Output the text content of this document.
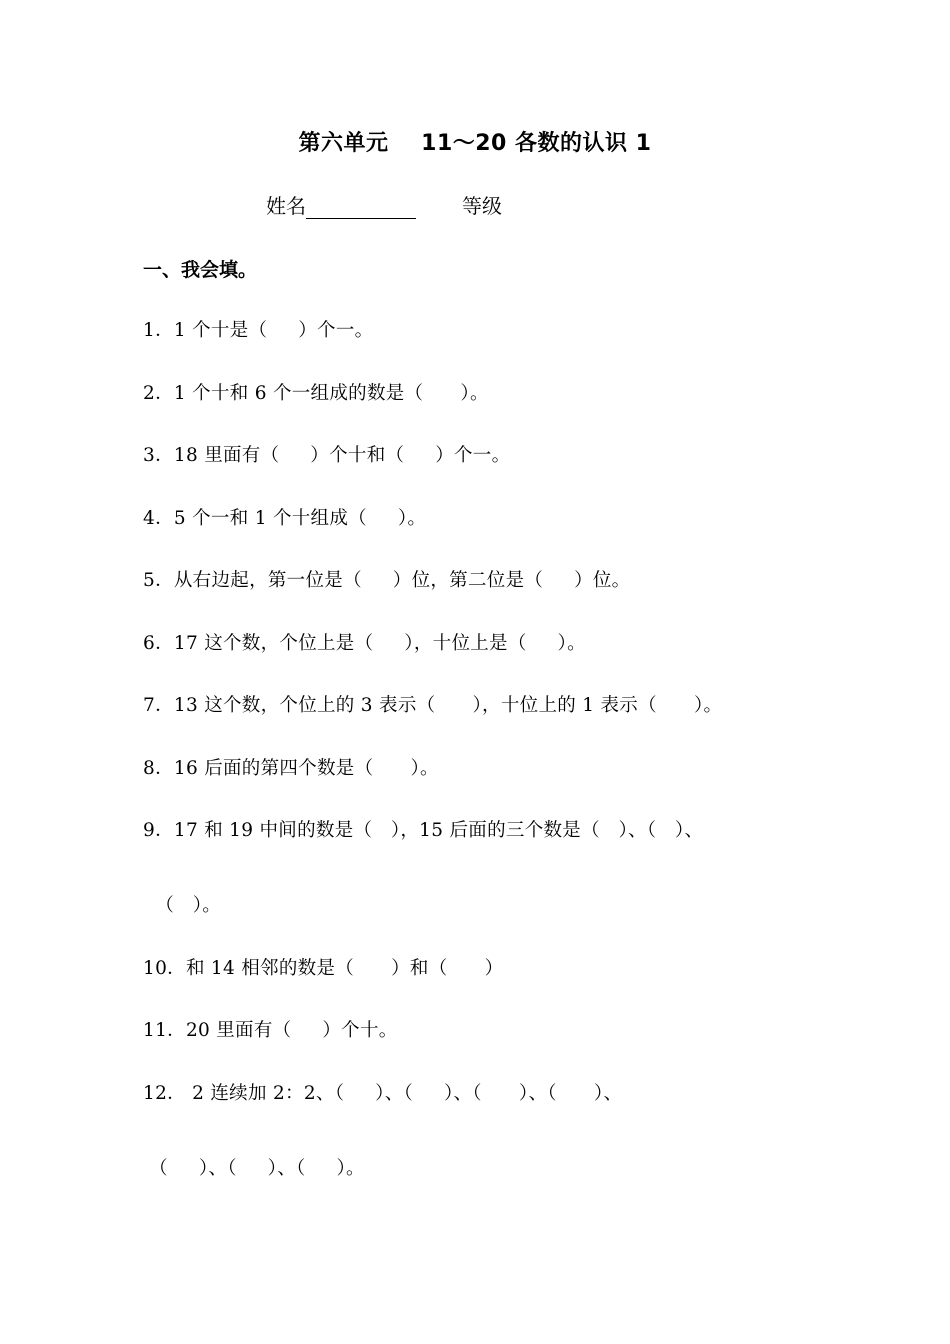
第六单元    11～20 各数的认识 1
姓名	等级
一、我会填。
1．1 个十是（     ）个一。
2．1 个十和 6 个一组成的数是（      ）。
3．18 里面有（     ）个十和（     ）个一。
4．5 个一和 1 个十组成（     ）。
5．从右边起，第一位是（     ）位，第二位是（     ）位。
6．17 这个数，个位上是（     ），十位上是（     ）。
7．13 这个数，个位上的 3 表示（      ），十位上的 1 表示（      ）。
8．16 后面的第四个数是（      ）。
9．17 和 19 中间的数是（   ），15 后面的三个数是（   ）、（   ）、
（   ）。
10．和 14 相邻的数是（      ）和（      ）
11．20 里面有（     ）个十。
12． 2 连续加 2：2、（     ）、（     ）、（      ）、（      ）、
（     ）、（     ）、（     ）。
